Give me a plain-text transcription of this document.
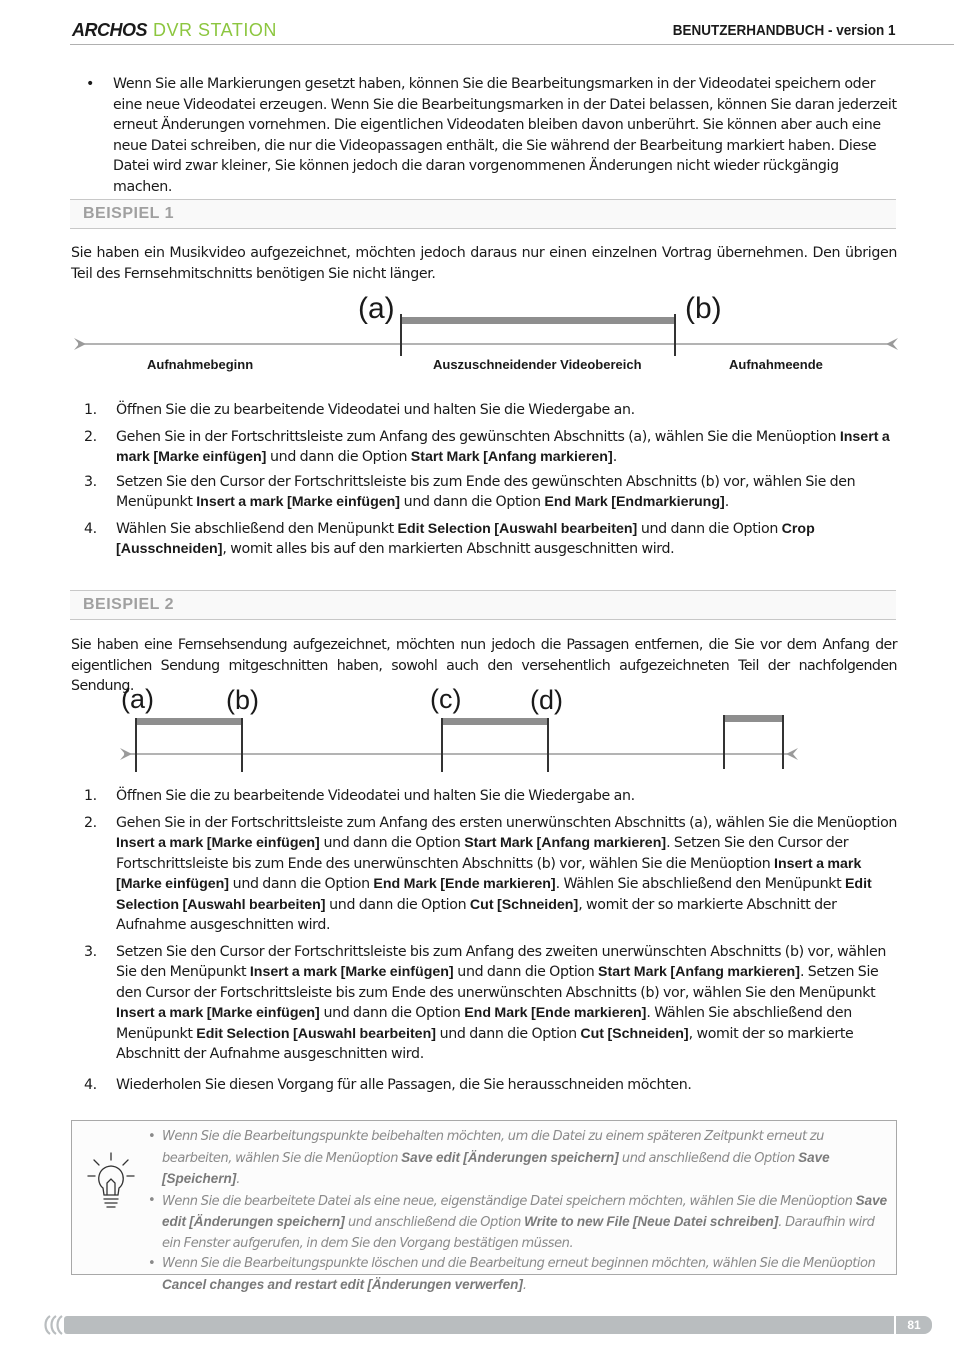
ARCHOS DVR STATION	BENUTZERHANDBUCH - version 1
• Wenn Sie alle Markierungen gesetzt haben, können Sie die Bearbeitungsmarken in der Videodatei speichern oder eine neue Videodatei erzeugen. Wenn Sie die Bearbeitungsmarken in der Datei belassen, können Sie daran jederzeit erneut Änderungen vornehmen. Die eigentlichen Videodaten bleiben davon unberührt. Sie können aber auch eine neue Datei schreiben, die nur die Videopassagen enthält, die Sie während der Bearbeitung markiert haben. Diese Datei wird zwar kleiner, Sie können jedoch die daran vorgenommenen Änderungen nicht wieder rückgängig machen.

BEISPIEL 1

Sie haben ein Musikvideo aufgezeichnet, möchten jedoch daraus nur einen einzelnen Vortrag übernehmen. Den übrigen Teil des Fernsehmitschnitts benötigen Sie nicht länger.

(a)	(b)
Aufnahmebeginn	Auszuschneidender Videobereich	Aufnahmeende
1. Öffnen Sie die zu bearbeitende Videodatei und halten Sie die Wiedergabe an.
2. Gehen Sie in der Fortschrittsleiste zum Anfang des gewünschten Abschnitts (a), wählen Sie die Menüoption Insert a mark [Marke einfügen] und dann die Option Start Mark [Anfang markieren].
3. Setzen Sie den Cursor der Fortschrittsleiste bis zum Ende des gewünschten Abschnitts (b) vor, wählen Sie den Menüpunkt Insert a mark [Marke einfügen] und dann die Option End Mark [Endmarkierung].
4. Wählen Sie abschließend den Menüpunkt Edit Selection [Auswahl bearbeiten] und dann die Option Crop [Ausschneiden], womit alles bis auf den markierten Abschnitt ausgeschnitten wird.
BEISPIEL 2

Sie haben eine Fernsehsendung aufgezeichnet, möchten nun jedoch die Passagen entfernen, die Sie vor dem Anfang der eigentlichen Sendung mitgeschnitten haben, sowohl auch den versehentlich aufgezeichneten Teil der nachfolgenden Sendung.

(a)	(b)	(c)	(d)
1. Öffnen Sie die zu bearbeitende Videodatei und halten Sie die Wiedergabe an.
2. Gehen Sie in der Fortschrittsleiste zum Anfang des ersten unerwünschten Abschnitts (a), wählen Sie die Menüoption Insert a mark [Marke einfügen] und dann die Option Start Mark [Anfang markieren]. Setzen Sie den Cursor der Fortschrittsleiste bis zum Ende des unerwünschten Abschnitts (b) vor, wählen Sie die Menüoption Insert a mark [Marke einfügen] und dann die Option End Mark [Ende markieren]. Wählen Sie abschließend den Menüpunkt Edit Selection [Auswahl bearbeiten] und dann die Option Cut [Schneiden], womit der so markierte Abschnitt der Aufnahme ausgeschnitten wird.
3. Setzen Sie den Cursor der Fortschrittsleiste bis zum Anfang des zweiten unerwünschten Abschnitts (b) vor, wählen Sie den Menüpunkt Insert a mark [Marke einfügen] und dann die Option Start Mark [Anfang markieren]. Setzen Sie den Cursor der Fortschrittsleiste bis zum Ende des unerwünschten Abschnitts (b) vor, wählen Sie den Menüpunkt Insert a mark [Marke einfügen] und dann die Option End Mark [Ende markieren]. Wählen Sie abschließend den Menüpunkt Edit Selection [Auswahl bearbeiten] und dann die Option Cut [Schneiden], womit der so markierte Abschnitt der Aufnahme ausgeschnitten wird.
4. Wiederholen Sie diesen Vorgang für alle Passagen, die Sie herausschneiden möchten.
• Wenn Sie die Bearbeitungspunkte beibehalten möchten, um die Datei zu einem späteren Zeitpunkt erneut zu bearbeiten, wählen Sie die Menüoption Save edit [Änderungen speichern] und anschließend die Option Save [Speichern].
• Wenn Sie die bearbeitete Datei als eine neue, eigenständige Datei speichern möchten, wählen Sie die Menüoption Save edit [Änderungen speichern] und anschließend die Option Write to new File [Neue Datei schreiben]. Daraufhin wird ein Fenster aufgerufen, in dem Sie den Vorgang bestätigen müssen.
• Wenn Sie die Bearbeitungspunkte löschen und die Bearbeitung erneut beginnen möchten, wählen Sie die Menüoption Cancel changes and restart edit [Änderungen verwerfen].
81
